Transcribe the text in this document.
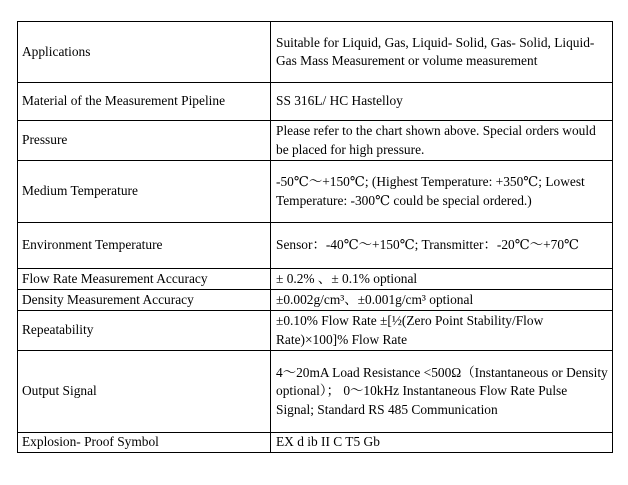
Applications	Suitable for Liquid, Gas, Liquid- Solid, Gas- Solid, Liquid- Gas Mass Measurement or volume measurement
Material of the Measurement Pipeline	SS 316L/ HC Hastelloy
Pressure	Please refer to the chart shown above. Special orders would be placed for high pressure.
Medium Temperature	-50℃～+150℃; (Highest Temperature: +350℃; Lowest Temperature: -300℃ could be special ordered.)
Environment Temperature	Sensor：-40℃～+150℃; Transmitter：-20℃～+70℃
Flow Rate Measurement Accuracy	± 0.2% 、± 0.1% optional
Density Measurement Accuracy	±0.002g/cm³、±0.001g/cm³ optional
Repeatability	±0.10% Flow Rate ±[½(Zero Point Stability/Flow Rate)×100]% Flow Rate
Output Signal	4～20mA Load Resistance <500Ω（Instantaneous or Density optional）； 0～10kHz Instantaneous Flow Rate Pulse Signal; Standard RS 485 Communication
Explosion- Proof Symbol	EX d ib II C T5 Gb
